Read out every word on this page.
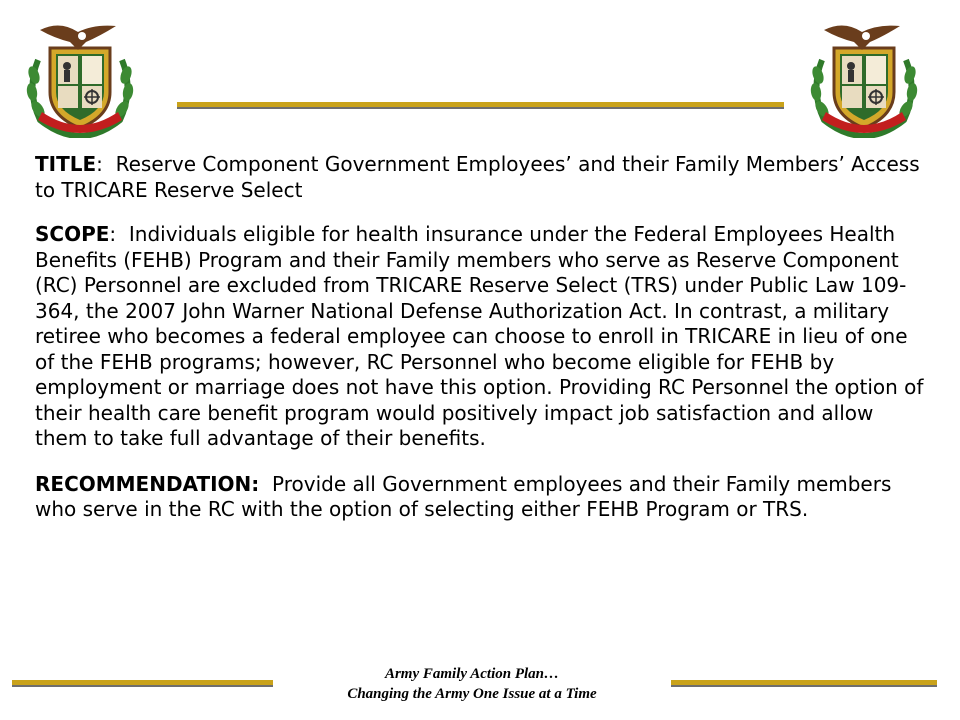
TITLE: Reserve Component Government Employees’ and their Family Members’ Access to TRICARE Reserve Select

SCOPE: Individuals eligible for health insurance under the Federal Employees Health Benefits (FEHB) Program and their Family members who serve as Reserve Component (RC) Personnel are excluded from TRICARE Reserve Select (TRS) under Public Law 109-364, the 2007 John Warner National Defense Authorization Act. In contrast, a military retiree who becomes a federal employee can choose to enroll in TRICARE in lieu of one of the FEHB programs; however, RC Personnel who become eligible for FEHB by employment or marriage does not have this option. Providing RC Personnel the option of their health care benefit program would positively impact job satisfaction and allow them to take full advantage of their benefits.

RECOMMENDATION: Provide all Government employees and their Family members who serve in the RC with the option of selecting either FEHB Program or TRS.

Army Family Action Plan…
Changing the Army One Issue at a Time
